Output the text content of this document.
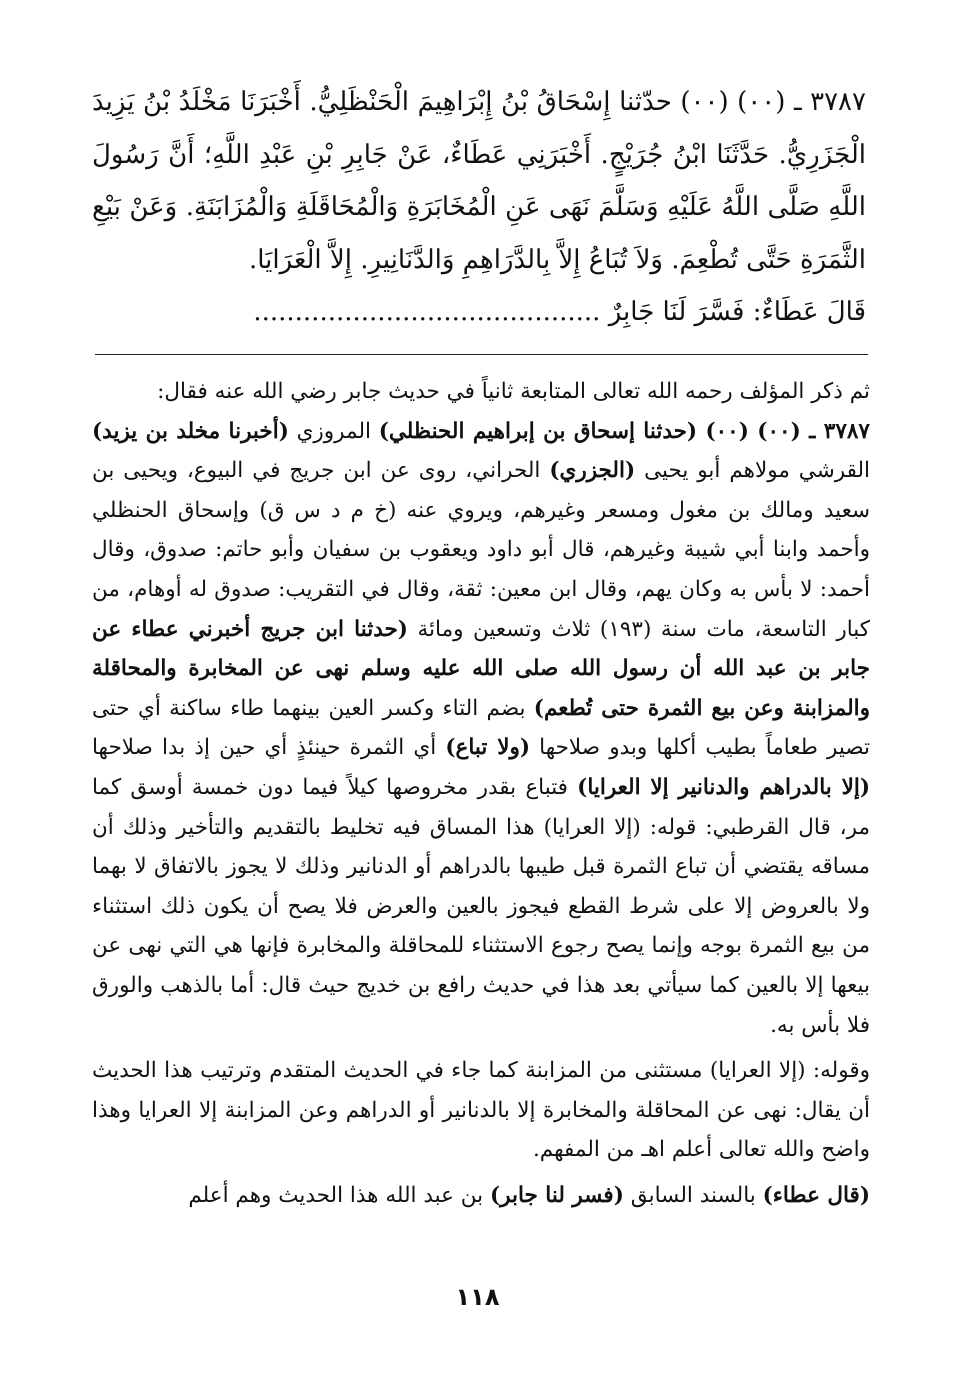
٣٧٨٧ ـ (٠٠) (٠٠) حدّثنا إِسْحَاقُ بْنُ إِبْرَاهِيمَ الْحَنْظَلِيُّ. أَخْبَرَنَا مَخْلَدُ بْنُ يَزِيدَ الْجَزَرِيُّ. حَدَّثَنَا ابْنُ جُرَيْجٍ. أَخْبَرَنِي عَطَاءٌ، عَنْ جَابِرِ بْنِ عَبْدِ اللَّهِ؛ أَنَّ رَسُولَ اللَّهِ صَلَّى اللَّهُ عَلَيْهِ وَسَلَّمَ نَهَى عَنِ الْمُخَابَرَةِ وَالْمُحَاقَلَةِ وَالْمُزَابَنَةِ. وَعَنْ بَيْعِ الثَّمَرَةِ حَتَّى تُطْعِمَ. وَلاَ تُبَاعُ إِلاَّ بِالدَّرَاهِمِ وَالدَّنَانِيرِ. إِلاَّ الْعَرَايَا.

قَالَ عَطَاءٌ: فَسَّرَ لَنَا جَابِرٌ ..........................................

ثم ذكر المؤلف رحمه الله تعالى المتابعة ثانياً في حديث جابر رضي الله عنه فقال:

٣٧٨٧ ـ (٠٠) (٠٠) (حدثنا إسحاق بن إبراهيم الحنظلي) المروزي (أخبرنا مخلد بن يزيد) القرشي مولاهم أبو يحيى (الجزري) الحراني، روى عن ابن جريج في البيوع، ويحيى بن سعيد ومالك بن مغول ومسعر وغيرهم، ويروي عنه (خ م د س ق) وإسحاق الحنظلي وأحمد وابنا أبي شيبة وغيرهم، قال أبو داود ويعقوب بن سفيان وأبو حاتم: صدوق، وقال أحمد: لا بأس به وكان يهم، وقال ابن معين: ثقة، وقال في التقريب: صدوق له أوهام، من كبار التاسعة، مات سنة (١٩٣) ثلاث وتسعين ومائة (حدثنا ابن جريج أخبرني عطاء عن جابر بن عبد الله أن رسول الله صلى الله عليه وسلم نهى عن المخابرة والمحاقلة والمزابنة وعن بيع الثمرة حتى تُطعم) بضم التاء وكسر العين بينهما طاء ساكنة أي حتى تصير طعاماً بطيب أكلها وبدو صلاحها (ولا تباع) أي الثمرة حينئذٍ أي حين إذ بدا صلاحها (إلا بالدراهم والدنانير إلا العرايا) فتباع بقدر مخروصها كيلاً فيما دون خمسة أوسق كما مر، قال القرطبي: قوله: (إلا العرايا) هذا المساق فيه تخليط بالتقديم والتأخير وذلك أن مساقه يقتضي أن تباع الثمرة قبل طيبها بالدراهم أو الدنانير وذلك لا يجوز بالاتفاق لا بهما ولا بالعروض إلا على شرط القطع فيجوز بالعين والعرض فلا يصح أن يكون ذلك استثناء من بيع الثمرة بوجه وإنما يصح رجوع الاستثناء للمحاقلة والمخابرة فإنها هي التي نهى عن بيعها إلا بالعين كما سيأتي بعد هذا في حديث رافع بن خديج حيث قال: أما بالذهب والورق فلا بأس به.

وقوله: (إلا العرايا) مستثنى من المزابنة كما جاء في الحديث المتقدم وترتيب هذا الحديث أن يقال: نهى عن المحاقلة والمخابرة إلا بالدنانير أو الدراهم وعن المزابنة إلا العرايا وهذا واضح والله تعالى أعلم اهـ من المفهم.

(قال عطاء) بالسند السابق (فسر لنا جابر) بن عبد الله هذا الحديث وهم أعلم

١١٨
